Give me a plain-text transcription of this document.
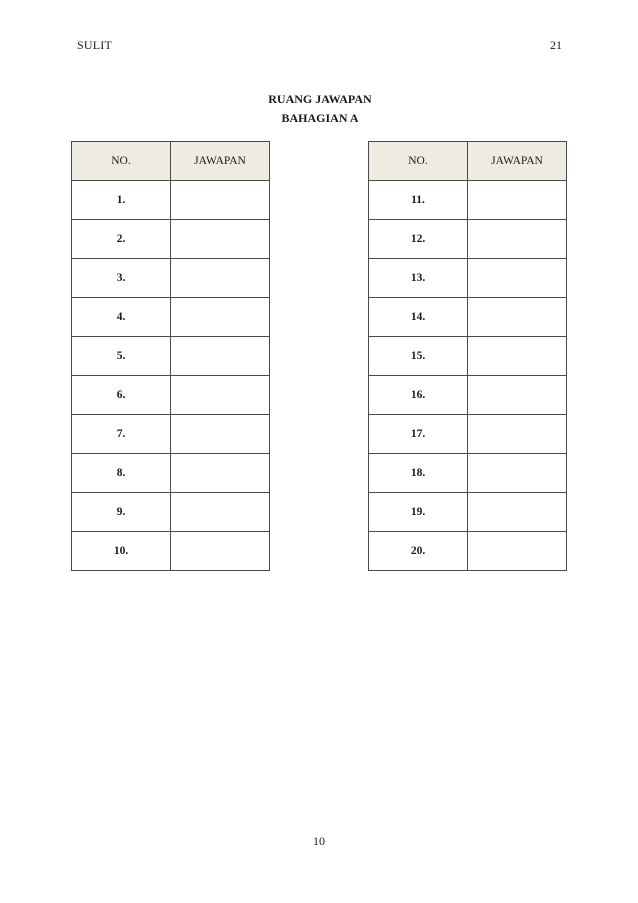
SULIT	21
RUANG JAWAPAN
BAHAGIAN A
NO.	JAWAPAN
1.	
2.	
3.	
4.	
5.	
6.	
7.	
8.	
9.	
10.	
NO.	JAWAPAN
11.	
12.	
13.	
14.	
15.	
16.	
17.	
18.	
19.	
20.	
10
